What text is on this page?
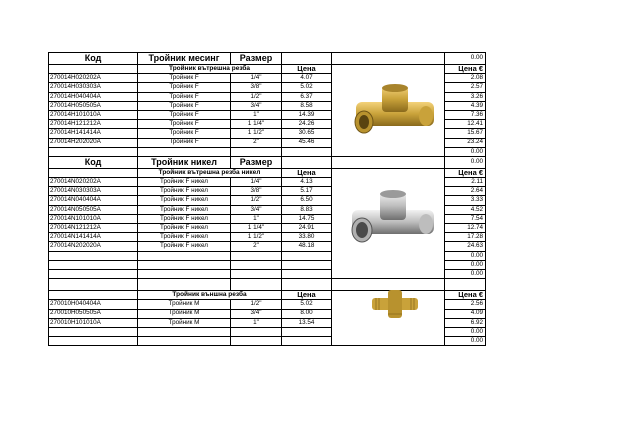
Код	Тройник месинг	Размер			0.00
	Тройник вътрешна резба		Цена		Цена €
270014H020202A	Тройник F	1/4"	4.07		2.08
270014H030303A	Тройник F	3/8"	5.02		2.57
270014H040404A	Тройник F	1/2"	6.37		3.26
270014H050505A	Тройник F	3/4"	8.58		4.39
270014H101010A	Тройник F	1"	14.39		7.36
270014H121212A	Тройник F	1 1/4"	24.26		12.41
270014H141414A	Тройник F	1 1/2"	30.65		15.67
270014H202020A	Тройник F	2"	45.46		23.24
					0.00
Код	Тройник никел	Размер			0.00
	Тройник вътрешна резба никел		Цена		Цена €
270014N020202A	Тройник F никел	1/4"	4.13		2.11
270014N030303A	Тройник F никел	3/8"	5.17		2.64
270014N040404A	Тройник F никел	1/2"	6.50		3.33
270014N050505A	Тройник F никел	3/4"	8.83		4.52
270014N101010A	Тройник F никел	1"	14.75		7.54
270014N121212A	Тройник F никел	1 1/4"	24.91		12.74
270014N141414A	Тройник F никел	1 1/2"	33.80		17.28
270014N202020A	Тройник F никел	2"	48.18		24.63
					0.00
					0.00
					0.00

	Тройник външна резба		Цена		Цена €
270010H040404A	Тройник M	1/2"	5.02		2.56
270010H050505A	Тройник M	3/4"	8.00		4.09
270010H101010A	Тройник M	1"	13.54		6.92
					0.00
					0.00
